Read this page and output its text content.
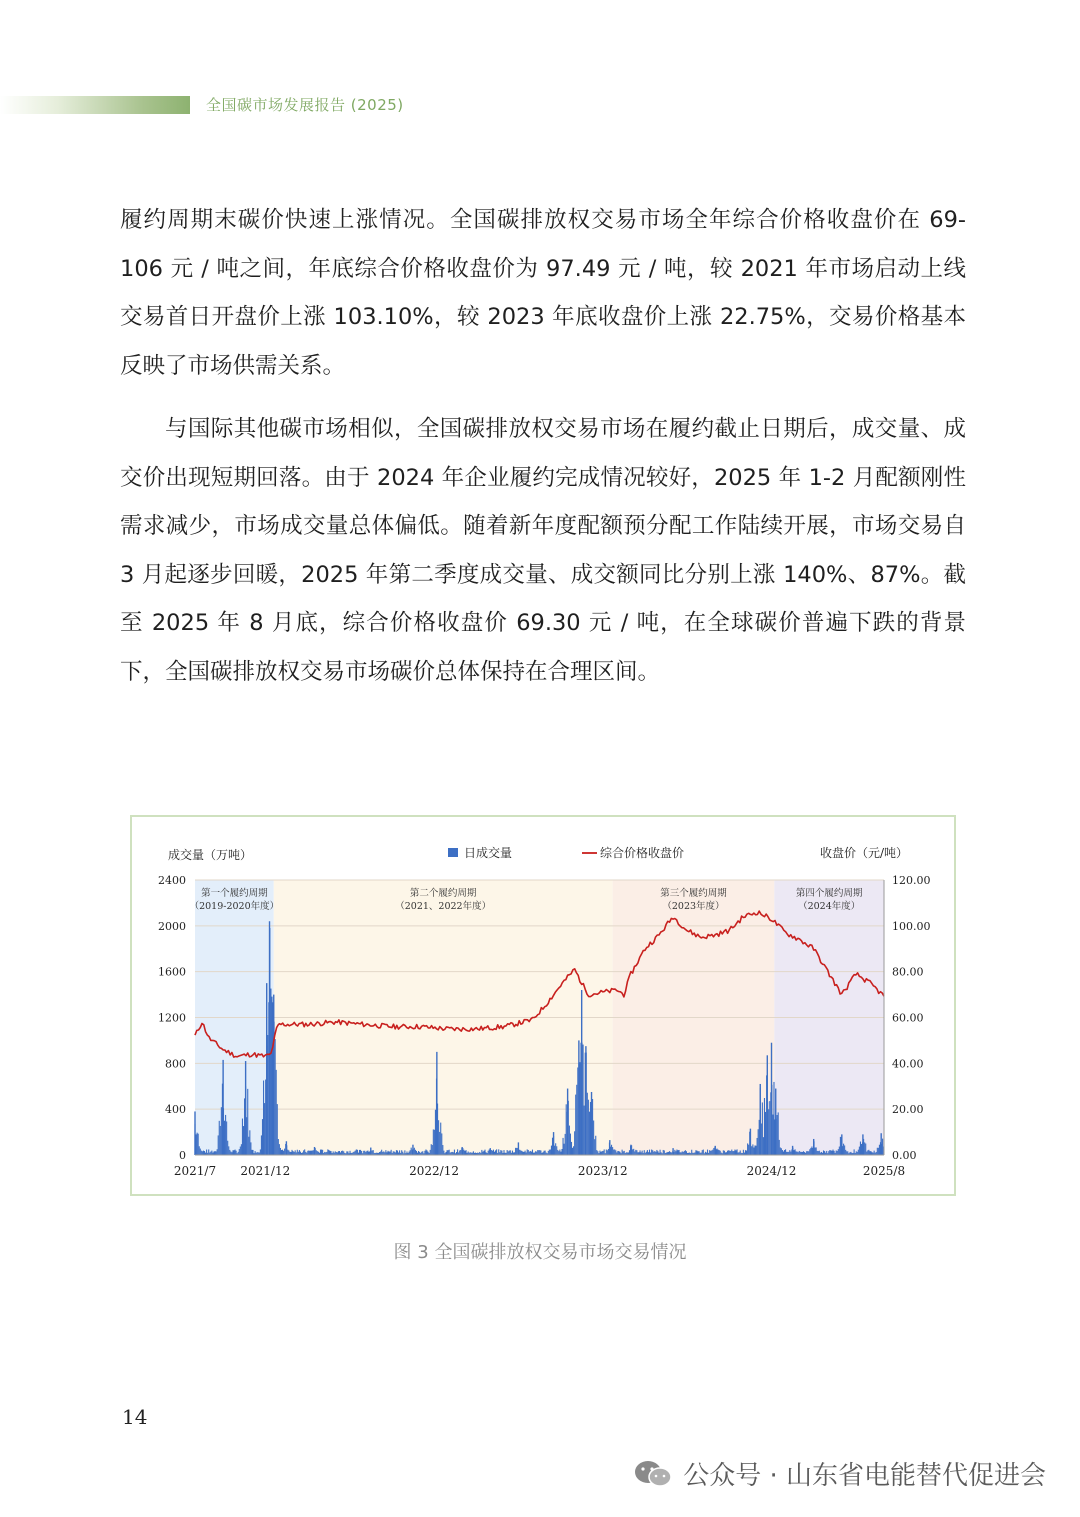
全国碳市场发展报告 (2025)

履约周期末碳价快速上涨情况。全国碳排放权交易市场全年综合价格收盘价在 69-106 元 / 吨之间，年底综合价格收盘价为 97.49 元 / 吨，较 2021 年市场启动上线交易首日开盘价上涨 103.10%，较 2023 年底收盘价上涨 22.75%，交易价格基本反映了市场供需关系。

与国际其他碳市场相似，全国碳排放权交易市场在履约截止日期后，成交量、成交价出现短期回落。由于 2024 年企业履约完成情况较好，2025 年 1-2 月配额刚性需求减少，市场成交量总体偏低。随着新年度配额预分配工作陆续开展，市场交易自 3 月起逐步回暖，2025 年第二季度成交量、成交额同比分别上涨 140%、87%。截至 2025 年 8 月底，综合价格收盘价 69.30 元 / 吨，在全球碳价普遍下跌的背景下，全国碳排放权交易市场碳价总体保持在合理区间。

第一个履约周期
（2019-2020年度）
第二个履约周期
（2021、2022年度）
第三个履约周期
（2023年度）
第四个履约周期
（2024年度）
0
400
800
1200
1600
2000
2400
0.00
20.00
40.00
60.00
80.00
100.00
120.00
2021/7 2021/12	2022/12	2023/12	2024/12	2025/8
成交量（万吨）	收盘价（元/吨）
日成交量	综合价格收盘价
图 3 全国碳排放权交易市场交易情况
14
公众号 · 山东省电能替代促进会
